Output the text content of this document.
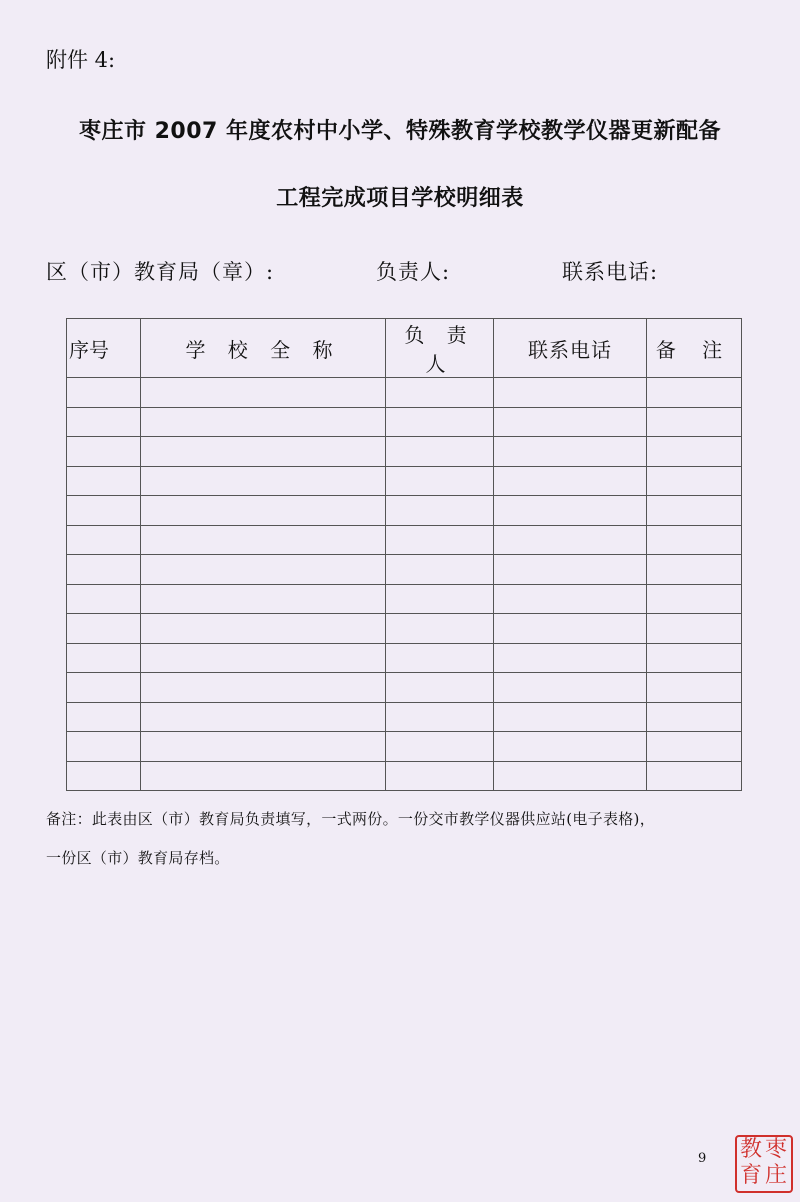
附件 4:
枣庄市 2007 年度农村中小学、特殊教育学校教学仪器更新配备
工程完成项目学校明细表
区（市）教育局（章）:	负责人:	联系电话:
序号	学 校 全 称	负 责 人	联系电话	备 注

备注：此表由区（市）教育局负责填写，一式两份。一份交市教学仪器供应站(电子表格)，
一份区（市）教育局存档。
9	枣
庄
教
育
